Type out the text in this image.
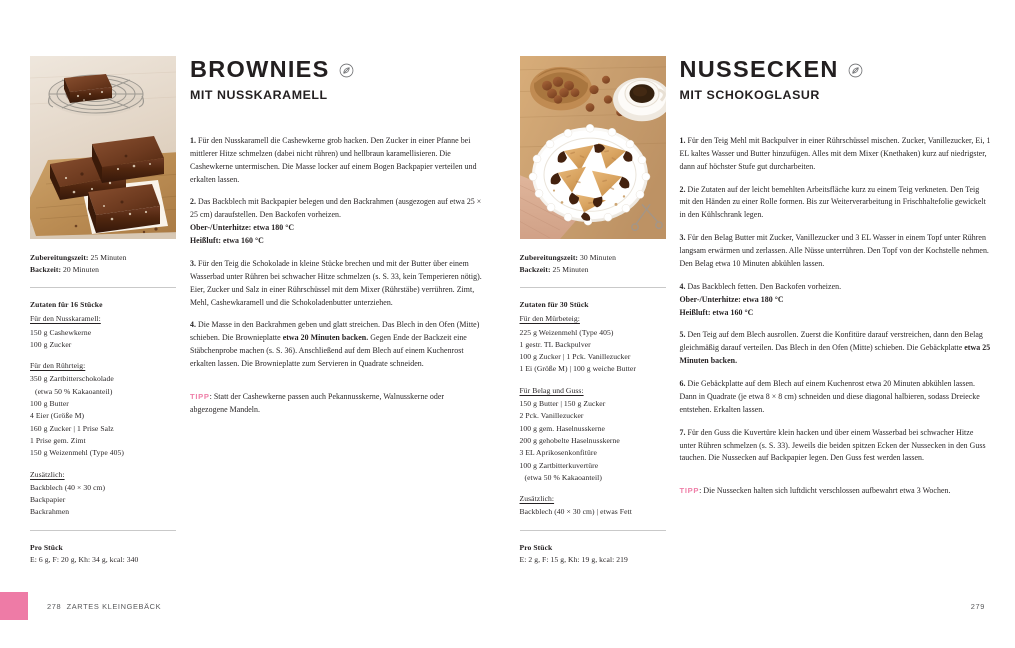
Zubereitungszeit: 25 Minuten
Backzeit: 20 Minuten
Zutaten für 16 Stücke
Für den Nusskaramell:
150 g Cashewkerne
100 g Zucker
Für den Rührteig:
350 g Zartbitterschokolade
(etwa 50 % Kakaoanteil)
100 g Butter
4 Eier (Größe M)
160 g Zucker | 1 Prise Salz
1 Prise gem. Zimt
150 g Weizenmehl (Type 405)
Zusätzlich:
Backblech (40 × 30 cm)
Backpapier
Backrahmen
Pro Stück
E: 6 g, F: 20 g, Kh: 34 g, kcal: 340
BROWNIES
MIT NUSSKARAMELL

1. Für den Nusskaramell die Cashewkerne grob hacken. Den Zucker in einer Pfanne bei mittlerer Hitze schmelzen (dabei nicht rühren) und hellbraun karamellisieren. Die Cashewkerne untermischen. Die Masse locker auf einem Bogen Backpapier verteilen und erkalten lassen.

2. Das Backblech mit Backpapier belegen und den Backrahmen (ausgezogen auf etwa 25 × 25 cm) daraufstellen. Den Backofen vorheizen.
Ober-/Unterhitze: etwa 180 °C
Heißluft: etwa 160 °C

3. Für den Teig die Schokolade in kleine Stücke brechen und mit der Butter über einem Wasserbad unter Rühren bei schwacher Hitze schmelzen (s. S. 33, kein Temperieren nötig). Eier, Zucker und Salz in einer Rührschüssel mit dem Mixer (Rührstäbe) verrühren. Zimt, Mehl, Cashewkaramell und die Schokoladenbutter unterziehen.

4. Die Masse in den Backrahmen geben und glatt streichen. Das Blech in den Ofen (Mitte) schieben. Die Brownieplatte etwa 20 Minuten backen. Gegen Ende der Backzeit eine Stäbchenprobe machen (s. S. 36). Anschließend auf dem Blech auf einem Kuchenrost erkalten lassen. Die Brownieplatte zum Servieren in Quadrate schneiden.

TIPP: Statt der Cashewkerne passen auch Pekannusskerne, Walnusskerne oder abgezogene Mandeln.

278 ZARTES KLEINGEBÄCK
Zubereitungszeit: 30 Minuten
Backzeit: 25 Minuten
Zutaten für 30 Stück
Für den Mürbeteig:
225 g Weizenmehl (Type 405)
1 gestr. TL Backpulver
100 g Zucker | 1 Pck. Vanillezucker
1 Ei (Größe M) | 100 g weiche Butter
Für Belag und Guss:
150 g Butter | 150 g Zucker
2 Pck. Vanillezucker
100 g gem. Haselnusskerne
200 g gehobelte Haselnusskerne
3 EL Aprikosenkonfitüre
100 g Zartbitterkuvertüre
(etwa 50 % Kakaoanteil)
Zusätzlich:
Backblech (40 × 30 cm) | etwas Fett
Pro Stück
E: 2 g, F: 15 g, Kh: 19 g, kcal: 219
NUSSECKEN
MIT SCHOKOGLASUR

1. Für den Teig Mehl mit Backpulver in einer Rührschüssel mischen. Zucker, Vanillezucker, Ei, 1 EL kaltes Wasser und Butter hinzufügen. Alles mit dem Mixer (Knethaken) kurz auf niedrigster, dann auf höchster Stufe gut durcharbeiten.

2. Die Zutaten auf der leicht bemehlten Arbeitsfläche kurz zu einem Teig verkneten. Den Teig mit den Händen zu einer Rolle formen. Bis zur Weiterverarbeitung in Frischhaltefolie gewickelt in den Kühlschrank legen.

3. Für den Belag Butter mit Zucker, Vanillezucker und 3 EL Wasser in einem Topf unter Rühren langsam erwärmen und zerlassen. Alle Nüsse unterrühren. Den Topf von der Kochstelle nehmen. Den Belag etwa 10 Minuten abkühlen lassen.

4. Das Backblech fetten. Den Backofen vorheizen.
Ober-/Unterhitze: etwa 180 °C
Heißluft: etwa 160 °C

5. Den Teig auf dem Blech ausrollen. Zuerst die Konfitüre darauf verstreichen, dann den Belag gleichmäßig darauf verteilen. Das Blech in den Ofen (Mitte) schieben. Die Gebäckplatte etwa 25 Minuten backen.

6. Die Gebäckplatte auf dem Blech auf einem Kuchenrost etwa 20 Minuten abkühlen lassen. Dann in Quadrate (je etwa 8 × 8 cm) schneiden und diese diagonal halbieren, sodass Dreiecke entstehen. Erkalten lassen.

7. Für den Guss die Kuvertüre klein hacken und über einem Wasserbad bei schwacher Hitze unter Rühren schmelzen (s. S. 33). Jeweils die beiden spitzen Ecken der Nussecken in den Guss tauchen. Die Nussecken auf Backpapier legen. Den Guss fest werden lassen.

TIPP: Die Nussecken halten sich luftdicht verschlossen aufbewahrt etwa 3 Wochen.

279
